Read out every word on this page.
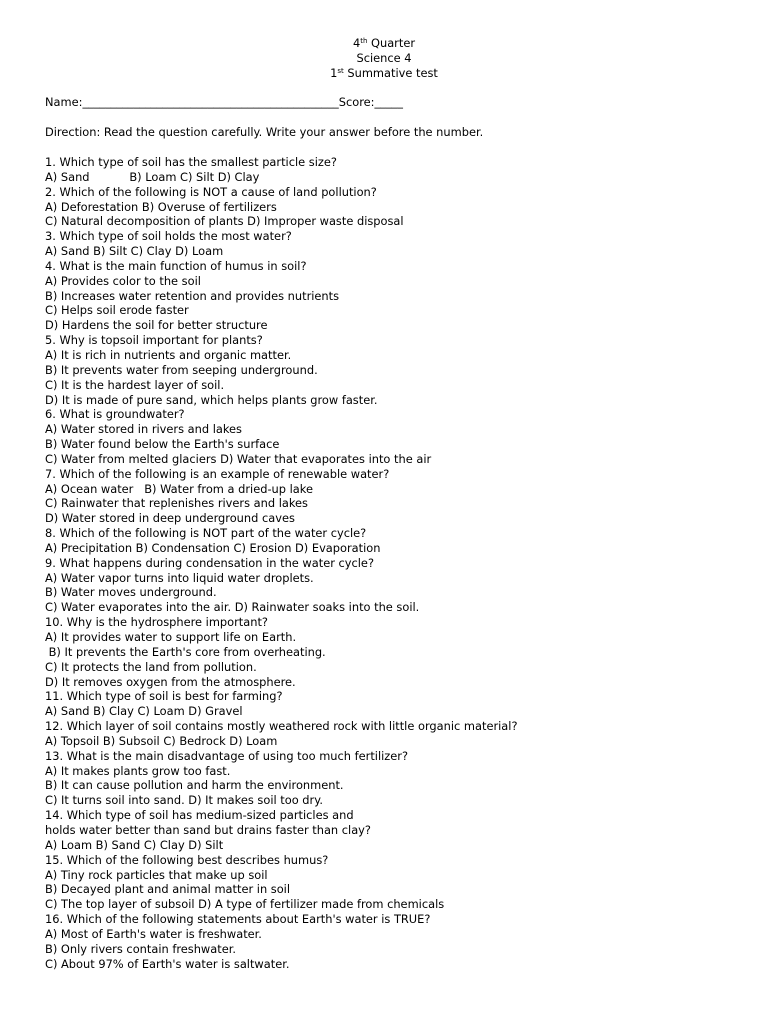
4th Quarter
Science 4
1st Summative test
Name:_____________________________________________Score:_____
Direction: Read the question carefully. Write your answer before the number.
1. Which type of soil has the smallest particle size?
A) Sand           B) Loam C) Silt D) Clay
2. Which of the following is NOT a cause of land pollution?
A) Deforestation B) Overuse of fertilizers
C) Natural decomposition of plants D) Improper waste disposal
3. Which type of soil holds the most water?
A) Sand B) Silt C) Clay D) Loam
4. What is the main function of humus in soil?
A) Provides color to the soil
B) Increases water retention and provides nutrients
C) Helps soil erode faster
D) Hardens the soil for better structure
5. Why is topsoil important for plants?
A) It is rich in nutrients and organic matter.
B) It prevents water from seeping underground.
C) It is the hardest layer of soil.
D) It is made of pure sand, which helps plants grow faster.
6. What is groundwater?
A) Water stored in rivers and lakes
B) Water found below the Earth's surface
C) Water from melted glaciers D) Water that evaporates into the air
7. Which of the following is an example of renewable water?
A) Ocean water   B) Water from a dried-up lake
C) Rainwater that replenishes rivers and lakes
D) Water stored in deep underground caves
8. Which of the following is NOT part of the water cycle?
A) Precipitation B) Condensation C) Erosion D) Evaporation
9. What happens during condensation in the water cycle?
A) Water vapor turns into liquid water droplets.
B) Water moves underground.
C) Water evaporates into the air. D) Rainwater soaks into the soil.
10. Why is the hydrosphere important?
A) It provides water to support life on Earth.
B) It prevents the Earth's core from overheating.
C) It protects the land from pollution.
D) It removes oxygen from the atmosphere.
11. Which type of soil is best for farming?
A) Sand B) Clay C) Loam D) Gravel
12. Which layer of soil contains mostly weathered rock with little organic material?
A) Topsoil B) Subsoil C) Bedrock D) Loam
13. What is the main disadvantage of using too much fertilizer?
A) It makes plants grow too fast.
B) It can cause pollution and harm the environment.
C) It turns soil into sand. D) It makes soil too dry.
14. Which type of soil has medium-sized particles and
holds water better than sand but drains faster than clay?
A) Loam B) Sand C) Clay D) Silt
15. Which of the following best describes humus?
A) Tiny rock particles that make up soil
B) Decayed plant and animal matter in soil
C) The top layer of subsoil D) A type of fertilizer made from chemicals
16. Which of the following statements about Earth's water is TRUE?
A) Most of Earth's water is freshwater.
B) Only rivers contain freshwater.
C) About 97% of Earth's water is saltwater.
